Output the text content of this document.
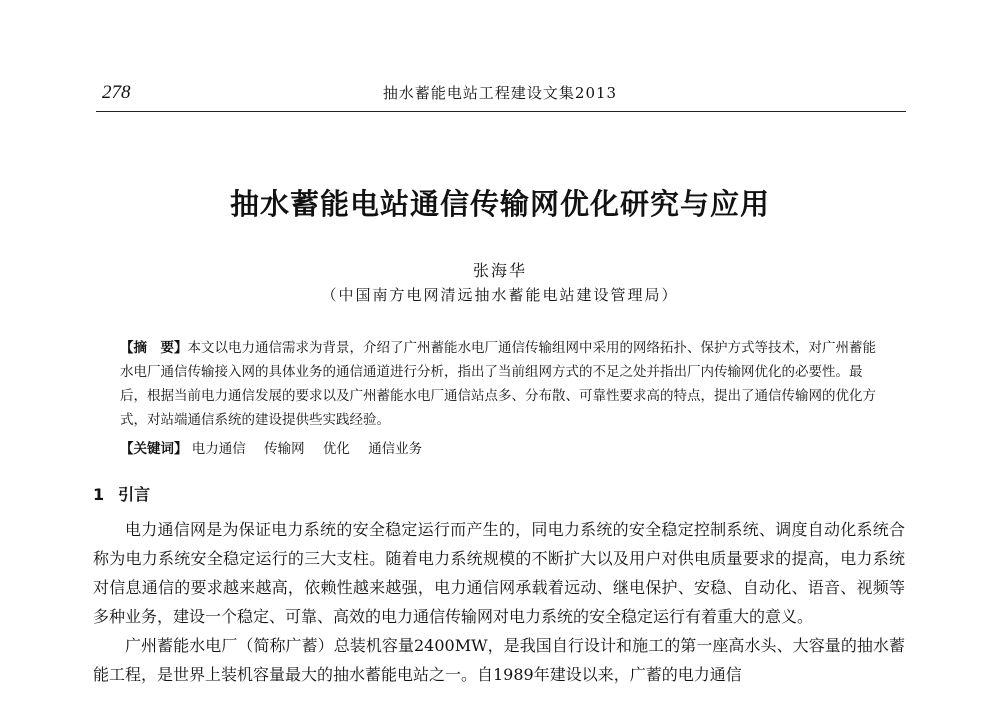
278	抽水蓄能电站工程建设文集2013
抽水蓄能电站通信传输网优化研究与应用
张海华
（中国南方电网清远抽水蓄能电站建设管理局）

【摘　要】本文以电力通信需求为背景，介绍了广州蓄能水电厂通信传输组网中采用的网络拓扑、保护方式等技术，对广州蓄能水电厂通信传输接入网的具体业务的通信通道进行分析，指出了当前组网方式的不足之处并指出厂内传输网优化的必要性。最后，根据当前电力通信发展的要求以及广州蓄能水电厂通信站点多、分布散、可靠性要求高的特点，提出了通信传输网的优化方式，对站端通信系统的建设提供些实践经验。

【关键词】 电力通信 传输网 优化 通信业务
1 引言

电力通信网是为保证电力系统的安全稳定运行而产生的，同电力系统的安全稳定控制系统、调度自动化系统合称为电力系统安全稳定运行的三大支柱。随着电力系统规模的不断扩大以及用户对供电质量要求的提高，电力系统对信息通信的要求越来越高，依赖性越来越强，电力通信网承载着远动、继电保护、安稳、自动化、语音、视频等多种业务，建设一个稳定、可靠、高效的电力通信传输网对电力系统的安全稳定运行有着重大的意义。

广州蓄能水电厂（简称广蓄）总装机容量2400MW，是我国自行设计和施工的第一座高水头、大容量的抽水蓄能工程，是世界上装机容量最大的抽水蓄能电站之一。自1989年建设以来，广蓄的电力通信
